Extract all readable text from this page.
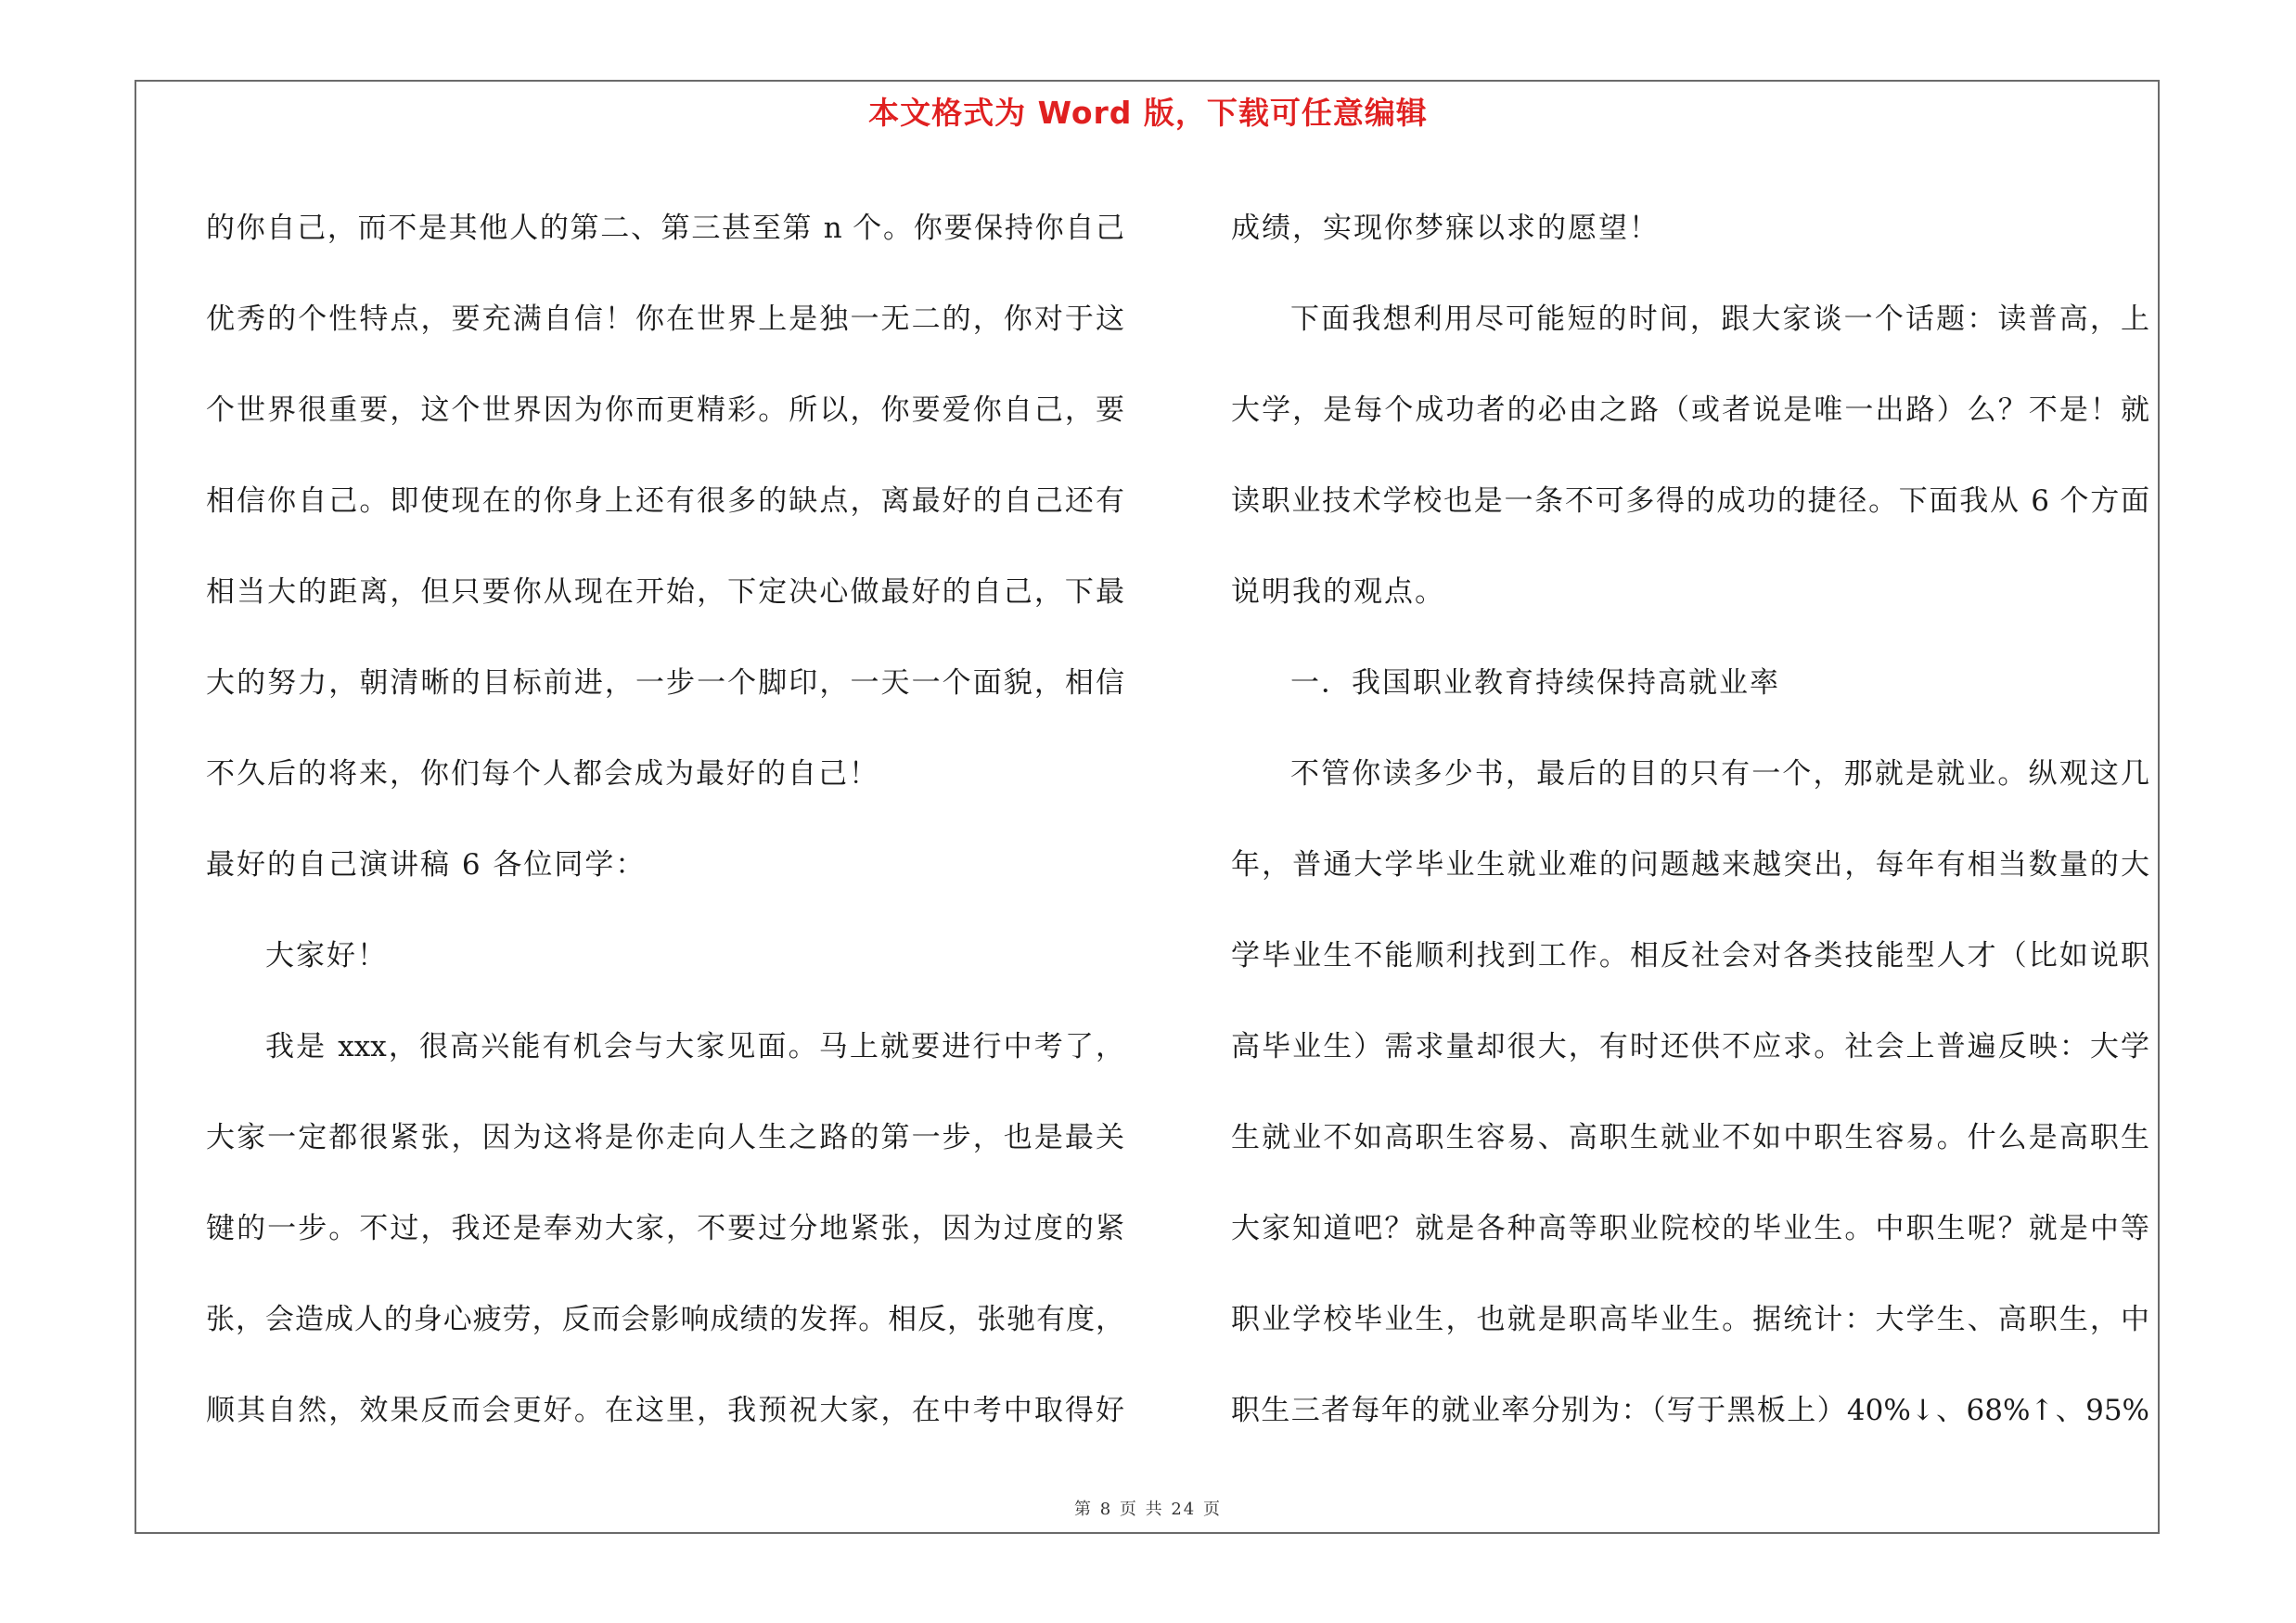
本文格式为 Word 版，下载可任意编辑
的你自己，而不是其他人的第二、第三甚至第 n 个。你要保持你自己
优秀的个性特点，要充满自信！你在世界上是独一无二的，你对于这
个世界很重要，这个世界因为你而更精彩。所以，你要爱你自己，要
相信你自己。即使现在的你身上还有很多的缺点，离最好的自己还有
相当大的距离，但只要你从现在开始，下定决心做最好的自己，下最
大的努力，朝清晰的目标前进，一步一个脚印，一天一个面貌，相信
不久后的将来，你们每个人都会成为最好的自己！
最好的自己演讲稿 6 各位同学：
大家好！
我是 xxx，很高兴能有机会与大家见面。马上就要进行中考了，
大家一定都很紧张，因为这将是你走向人生之路的第一步，也是最关
键的一步。不过，我还是奉劝大家，不要过分地紧张，因为过度的紧
张，会造成人的身心疲劳，反而会影响成绩的发挥。相反，张驰有度，
顺其自然，效果反而会更好。在这里，我预祝大家，在中考中取得好
成绩，实现你梦寐以求的愿望！
下面我想利用尽可能短的时间，跟大家谈一个话题：读普高，上
大学，是每个成功者的必由之路（或者说是唯一出路）么？不是！就
读职业技术学校也是一条不可多得的成功的捷径。下面我从 6 个方面
说明我的观点。
一．我国职业教育持续保持高就业率
不管你读多少书，最后的目的只有一个，那就是就业。纵观这几
年，普通大学毕业生就业难的问题越来越突出，每年有相当数量的大
学毕业生不能顺利找到工作。相反社会对各类技能型人才（比如说职
高毕业生）需求量却很大，有时还供不应求。社会上普遍反映：大学
生就业不如高职生容易、高职生就业不如中职生容易。什么是高职生
大家知道吧？就是各种高等职业院校的毕业生。中职生呢？就是中等
职业学校毕业生，也就是职高毕业生。据统计：大学生、高职生，中
职生三者每年的就业率分别为：（写于黑板上）40%↓、68%↑、95%
第 8 页 共 24 页
